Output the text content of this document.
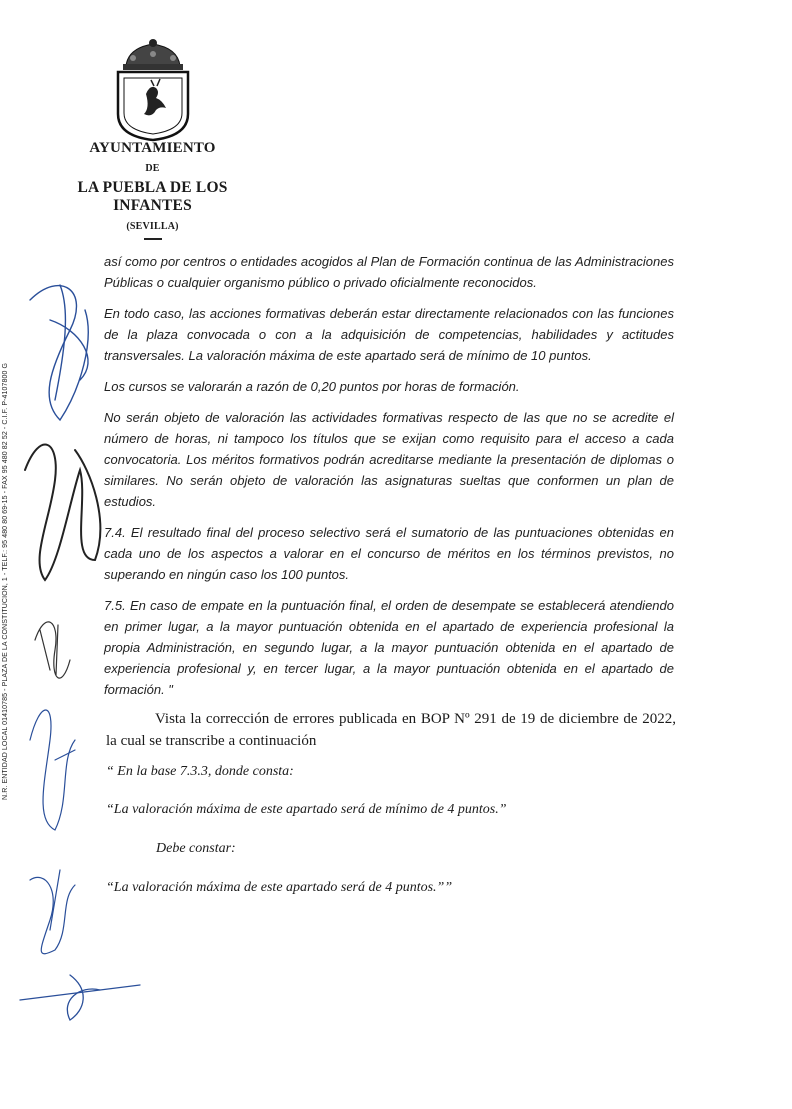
AYUNTAMIENTO
DE
LA PUEBLA DE LOS INFANTES
(SEVILLA)
N.R. ENTIDAD LOCAL 01410785 - PLAZA DE LA CONSTITUCION, 1 - TELF.: 95 480 80 69-15 - FAX 95 480 82 52 - C.I.F. P-4107800 G

así como por centros o entidades acogidos al Plan de Formación continua de las Administraciones Públicas o cualquier organismo público o privado oficialmente reconocidos.

En todo caso, las acciones formativas deberán estar directamente relacionados con las funciones de la plaza convocada o con a la adquisición de competencias, habilidades y actitudes transversales. La valoración máxima de este apartado será de mínimo de 10 puntos.

Los cursos se valorarán a razón de 0,20 puntos por horas de formación.

No serán objeto de valoración las actividades formativas respecto de las que no se acredite el número de horas, ni tampoco los títulos que se exijan como requisito para el acceso a cada convocatoria. Los méritos formativos podrán acreditarse mediante la presentación de diplomas o similares. No serán objeto de valoración las asignaturas sueltas que conformen un plan de estudios.

7.4. El resultado final del proceso selectivo será el sumatorio de las puntuaciones obtenidas en cada uno de los aspectos a valorar en el concurso de méritos en los términos previstos, no superando en ningún caso los 100 puntos.

7.5. En caso de empate en la puntuación final, el orden de desempate se establecerá atendiendo en primer lugar, a la mayor puntuación obtenida en el apartado de experiencia profesional la propia Administración, en segundo lugar, a la mayor puntuación obtenida en el apartado de experiencia profesional y, en tercer lugar, a la mayor puntuación obtenida en el apartado de formación. "

Vista la corrección de errores publicada en BOP Nº 291 de 19 de diciembre de 2022, la cual se transcribe a continuación

“ En la base 7.3.3, donde consta:

“La valoración máxima de este apartado será de mínimo de 4 puntos.”

Debe constar:

“La valoración máxima de este apartado será de 4 puntos.””
